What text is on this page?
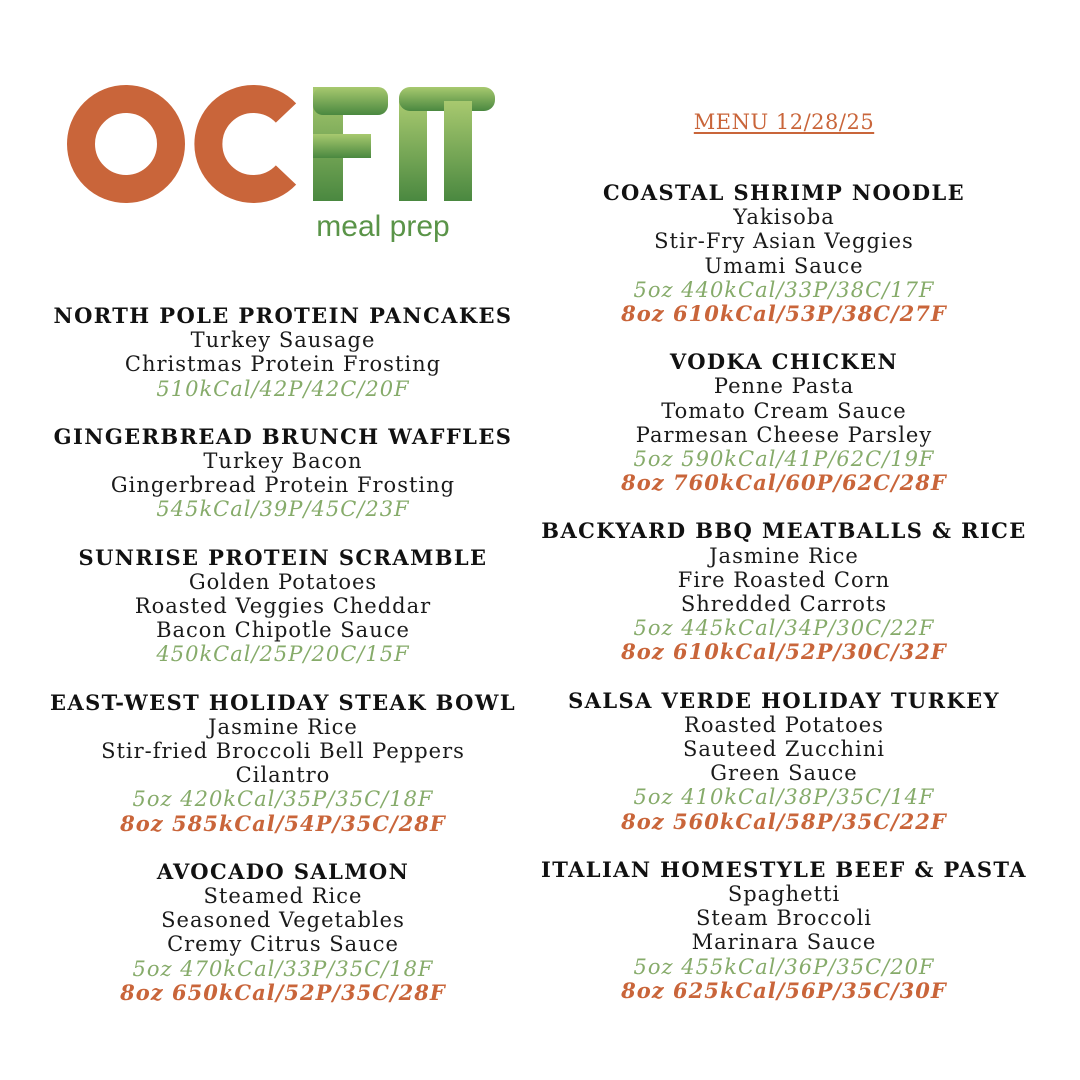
meal prep
MENU 12/28/25
NORTH POLE PROTEIN PANCAKES
Turkey Sausage
Christmas Protein Frosting
510kCal/42P/42C/20F
GINGERBREAD BRUNCH WAFFLES
Turkey Bacon
Gingerbread Protein Frosting
545kCal/39P/45C/23F
SUNRISE PROTEIN SCRAMBLE
Golden Potatoes
Roasted Veggies Cheddar
Bacon Chipotle Sauce
450kCal/25P/20C/15F
EAST-WEST HOLIDAY STEAK BOWL
Jasmine Rice
Stir-fried Broccoli Bell Peppers
Cilantro
5oz 420kCal/35P/35C/18F
8oz 585kCal/54P/35C/28F
AVOCADO SALMON
Steamed Rice
Seasoned Vegetables
Cremy Citrus Sauce
5oz 470kCal/33P/35C/18F
8oz 650kCal/52P/35C/28F
COASTAL SHRIMP NOODLE
Yakisoba
Stir-Fry Asian Veggies
Umami Sauce
5oz 440kCal/33P/38C/17F
8oz 610kCal/53P/38C/27F
VODKA CHICKEN
Penne Pasta
Tomato Cream Sauce
Parmesan Cheese Parsley
5oz 590kCal/41P/62C/19F
8oz 760kCal/60P/62C/28F
BACKYARD BBQ MEATBALLS & RICE
Jasmine Rice
Fire Roasted Corn
Shredded Carrots
5oz 445kCal/34P/30C/22F
8oz 610kCal/52P/30C/32F
SALSA VERDE HOLIDAY TURKEY
Roasted Potatoes
Sauteed Zucchini
Green Sauce
5oz 410kCal/38P/35C/14F
8oz 560kCal/58P/35C/22F
ITALIAN HOMESTYLE BEEF & PASTA
Spaghetti
Steam Broccoli
Marinara Sauce
5oz 455kCal/36P/35C/20F
8oz 625kCal/56P/35C/30F
